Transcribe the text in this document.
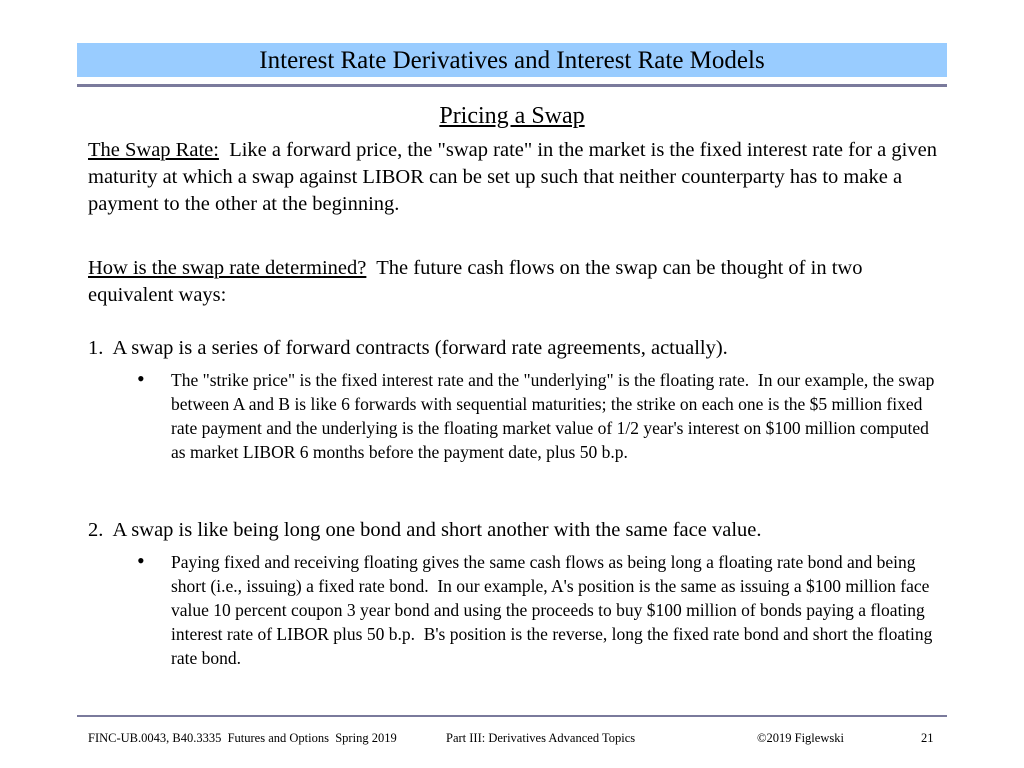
Interest Rate Derivatives and Interest Rate Models
Pricing a Swap
The Swap Rate:  Like a forward price, the "swap rate" in the market is the fixed interest rate for a given maturity at which a swap against LIBOR can be set up such that neither counterparty has to make a payment to the other at the beginning.
How is the swap rate determined?  The future cash flows on the swap can be thought of in two equivalent ways:
1.  A swap is a series of forward contracts (forward rate agreements, actually).
• The "strike price" is the fixed interest rate and the "underlying" is the floating rate.  In our example, the swap between A and B is like 6 forwards with sequential maturities; the strike on each one is the $5 million fixed rate payment and the underlying is the floating market value of 1/2 year's interest on $100 million computed as market LIBOR 6 months before the payment date, plus 50 b.p.
2.  A swap is like being long one bond and short another with the same face value.
• Paying fixed and receiving floating gives the same cash flows as being long a floating rate bond and being short (i.e., issuing) a fixed rate bond.  In our example, A's position is the same as issuing a $100 million face value 10 percent coupon 3 year bond and using the proceeds to buy $100 million of bonds paying a floating interest rate of LIBOR plus 50 b.p.  B's position is the reverse, long the fixed rate bond and short the floating rate bond.
FINC-UB.0043, B40.3335  Futures and Options  Spring 2019	Part III: Derivatives Advanced Topics	©2019 Figlewski	21
